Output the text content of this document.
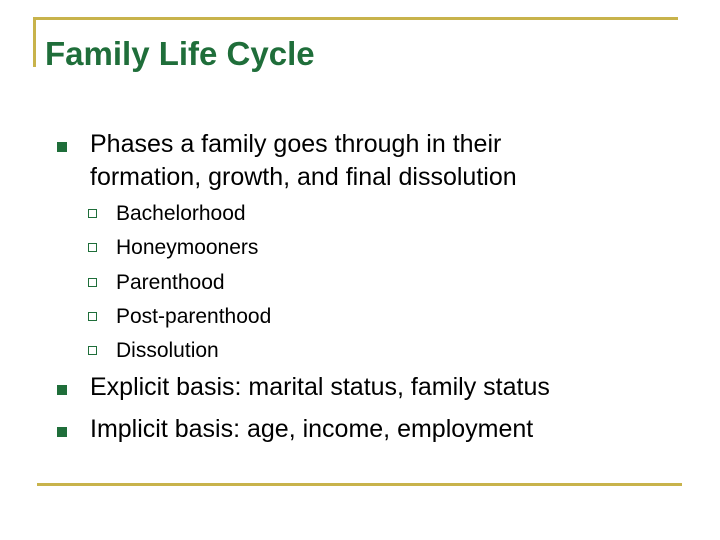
Family Life Cycle
Phases a family goes through in their
formation, growth, and final dissolution
Bachelorhood
Honeymooners
Parenthood
Post-parenthood
Dissolution
Explicit basis: marital status, family status
Implicit basis: age, income, employment
